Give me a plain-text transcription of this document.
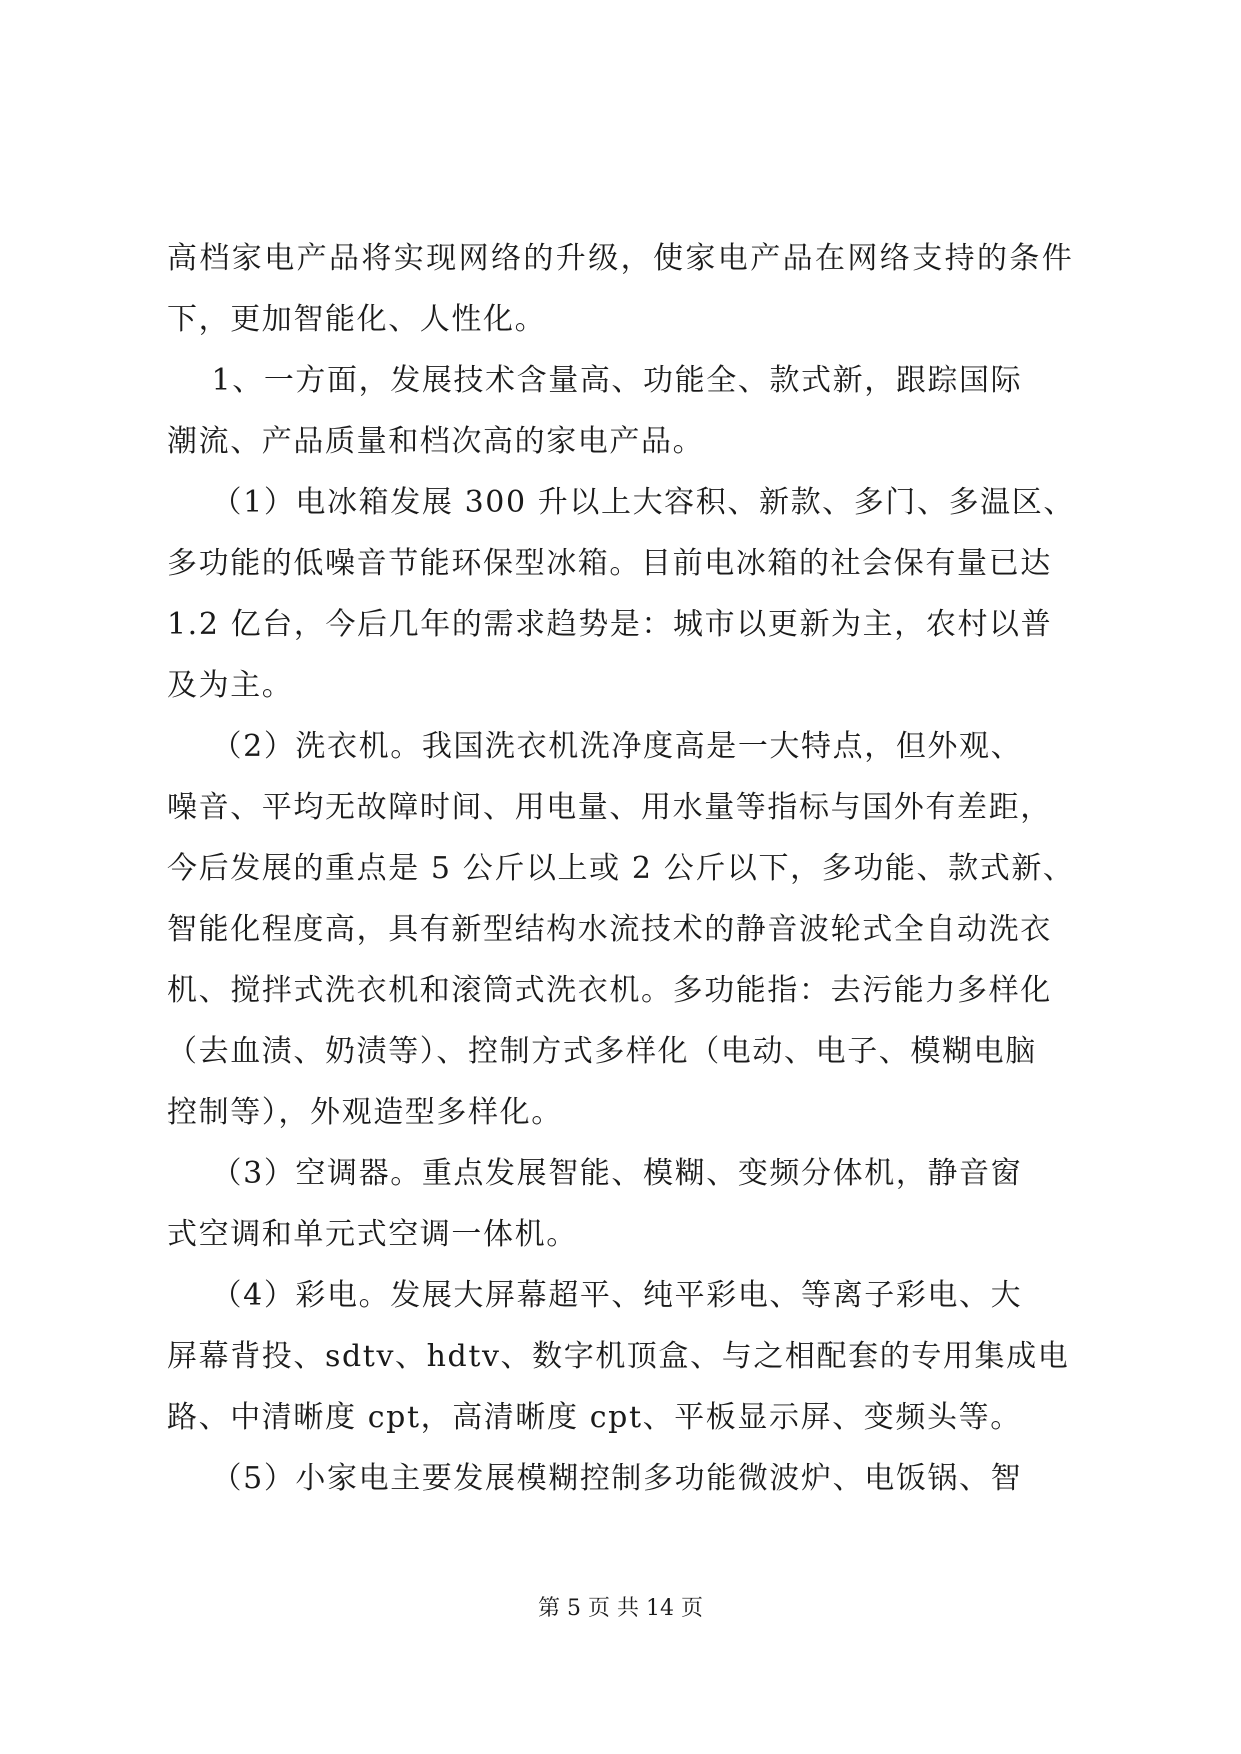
高档家电产品将实现网络的升级，使家电产品在网络支持的条件
下，更加智能化、人性化。
1、一方面，发展技术含量高、功能全、款式新，跟踪国际
潮流、产品质量和档次高的家电产品。
（1）电冰箱发展 300 升以上大容积、新款、多门、多温区、
多功能的低噪音节能环保型冰箱。目前电冰箱的社会保有量已达
1.2 亿台，今后几年的需求趋势是：城市以更新为主，农村以普
及为主。
（2）洗衣机。我国洗衣机洗净度高是一大特点，但外观、
噪音、平均无故障时间、用电量、用水量等指标与国外有差距，
今后发展的重点是 5 公斤以上或 2 公斤以下，多功能、款式新、
智能化程度高，具有新型结构水流技术的静音波轮式全自动洗衣
机、搅拌式洗衣机和滚筒式洗衣机。多功能指：去污能力多样化
（去血渍、奶渍等）、控制方式多样化（电动、电子、模糊电脑
控制等），外观造型多样化。
（3）空调器。重点发展智能、模糊、变频分体机，静音窗
式空调和单元式空调一体机。
（4）彩电。发展大屏幕超平、纯平彩电、等离子彩电、大
屏幕背投、sdtv、hdtv、数字机顶盒、与之相配套的专用集成电
路、中清晰度 cpt，高清晰度 cpt、平板显示屏、变频头等。
（5）小家电主要发展模糊控制多功能微波炉、电饭锅、智
第 5 页 共 14 页
